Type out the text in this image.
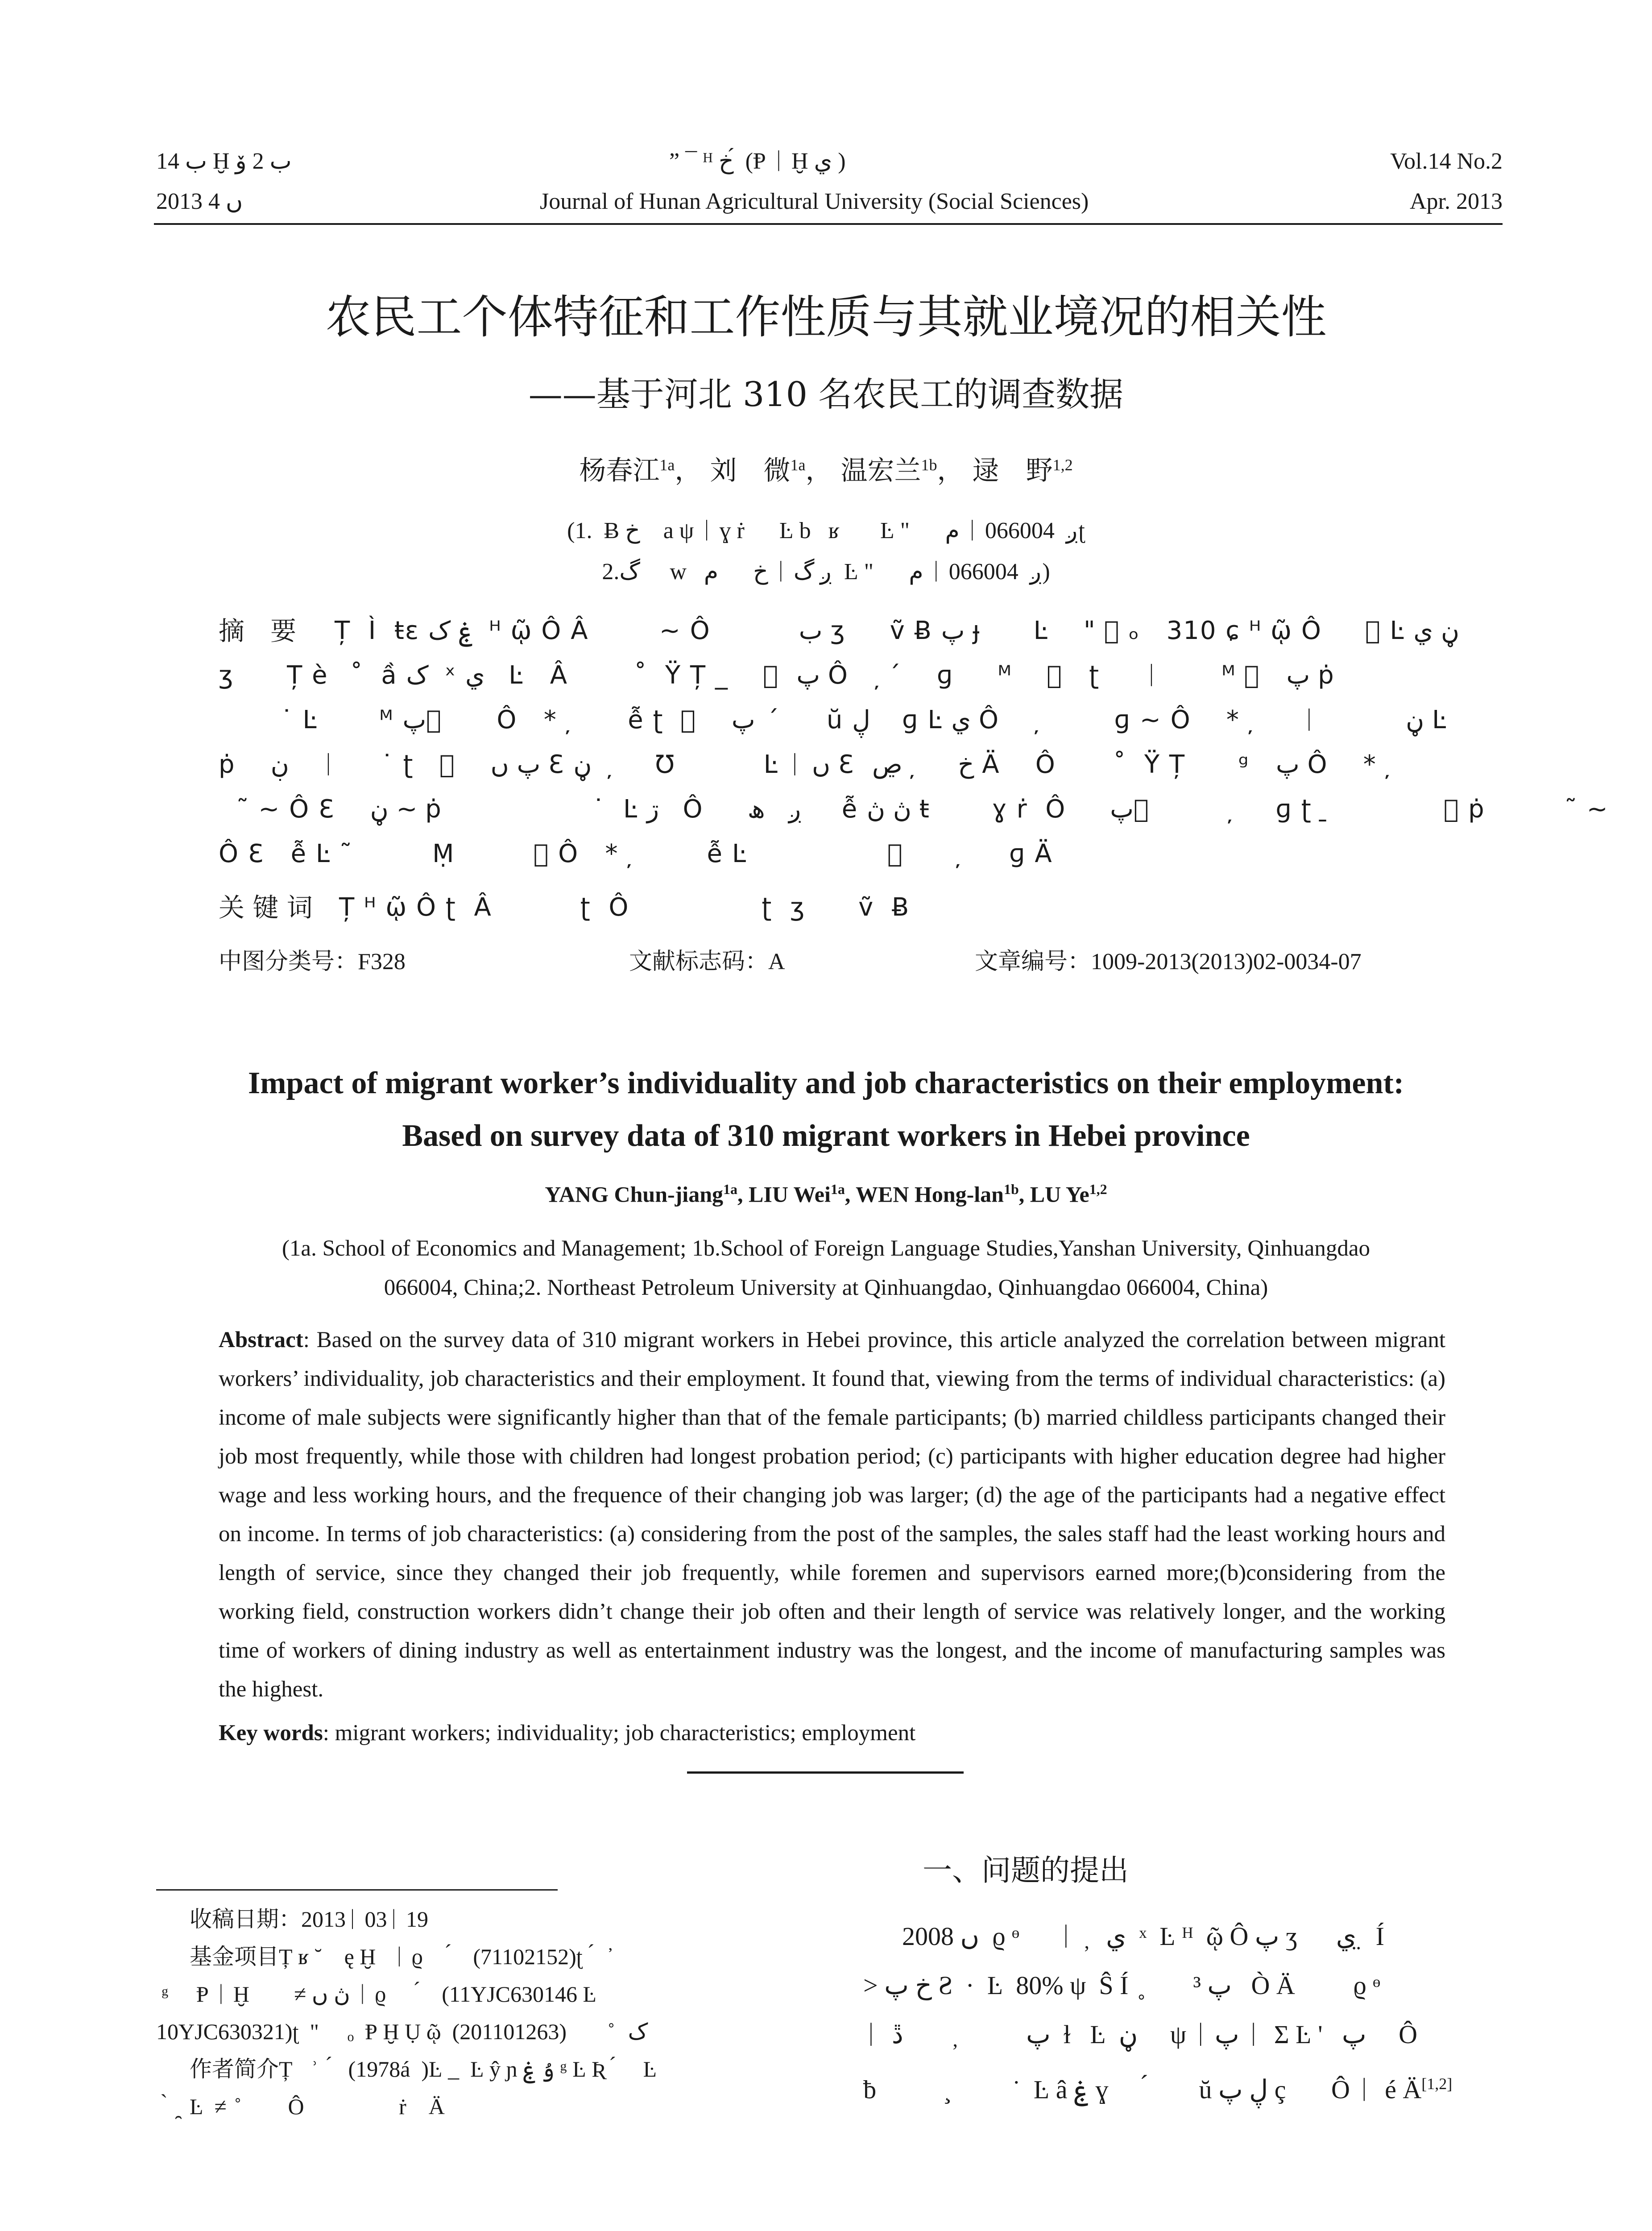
ب 14 Ḫ ب 2 ۆ
2013 ں 4
” ¯ ᴴ خ ́ (Ᵽ ᛁ Ḫ ي )
Journal of Hunan Agricultural University (Social Sciences)
Vol.14 No.2
Apr. 2013
农民工个体特征和工作性质与其就业境况的相关性
——基于河北 310 名农民工的调查数据
杨春江$^{1a}$， 刘　微$^{1a}$， 温宏兰$^{1b}$， 逯　野$^{1,2}$
(1.  Ƀ خ    a ψ ᛁ ɣ ṙ      Ŀ b   ʁ       Ŀ " ⃞  م ᛁ ږ  066004ʈ
2.گ ⃞ w   خ      م ᛁ ږ گ  Ŀ " ⃞  م ᛁ ږ  066004)
摘　要 Ț  Ì  ŧɛ ۼ ک  ᴴ ῷ Ô Â        ~ Ô          ب ʒ     ṽ Ƀ پ ɟ      Ŀ    " ⃞ ₒ   310 ɕ ᴴ ῷ Ô     ⃞ Ŀ ڼ ي
ʒ      Ț è    ̊  ầ ک  ˣ ي   Ŀ   Â         ̊  Ÿ Ț _    ⃞  پ Ô    ̦  ́    ɡ     ᴹ    ⃞   ʈ     ᛁ       ᴹ ⃞   پ ṗ
˙ Ŀ       ᴹ پ ⃞      Ô   *  ̦      ễ ʈ  ⃞    پ    ́     ŭ ڸ    ɡ Ŀ ي Ô     ̦        ɡ ~ Ô    *  ̦     ᛁ          ڼ Ŀ
ṗ    ڹ    ᛁ     ˙ ʈ   ⃞    پ ں Ɛ ڼ    ̦    Ʊ          Ŀ ᛁ ں Ɛ  خ     ̦  ڝ Ä    Ô        ̊  Ÿ Ț      ᵍ   پ Ô    *  ̦
˜ ~ Ô Ɛ    ڼ ~ ṗ                 ˙  Ŀ ڗ   Ô     ږ   ھ     ễ ڽ ڽ ŧ       ɣ ṙ  Ô     پ ⃞           ̦    ɡ ʈ  ̱             ⃞ ṗ         ˜ ~
Ô Ɛ   ễ Ŀ ˜         Ṃ         ⃞ Ô   *  ̦        ễ Ŀ                ⃞       ̦     ɡ Ä
关 键 词 Ț ᴴ ῷ Ô ʈ  Â          ʈ  Ô               ʈ  ʒ      ṽ  Ƀ
中图分类号：F328	文献标志码：A	文章编号：1009-2013(2013)02-0034-07
Impact of migrant worker’s individuality and job characteristics on their employment:
Based on survey data of 310 migrant workers in Hebei province
YANG Chun-jiang$^{1a}$, LIU Wei$^{1a}$, WEN Hong-lan$^{1b}$, LU Ye$^{1,2}$
(1a. School of Economics and Management; 1b.School of Foreign Language Studies,Yanshan University, Qinhuangdao
066004, China;2. Northeast Petroleum University at Qinhuangdao, Qinhuangdao 066004, China)
Abstract: Based on the survey data of 310 migrant workers in Hebei province, this article analyzed the correlation between migrant workers’ individuality, job characteristics and their employment. It found that, viewing from the terms of individual characteristics: (a) income of male subjects were significantly higher than that of the female participants; (b) married childless participants changed their job most frequently, while those with children had longest probation period; (c) participants with higher education degree had higher wage and less working hours, and the frequence of their changing job was larger; (d) the age of the participants had a negative effect on income. In terms of job characteristics: (a) considering from the post of the samples, the sales staff had the least working hours and length of service, since they changed their job frequently, while foremen and supervisors earned more;(b)considering from the working field, construction workers didn’t change their job often and their length of service was relatively longer, and the working time of workers of dining industry as well as entertainment industry was the longest, and the income of manufacturing samples was the highest.
Key words: migrant workers; individuality; job characteristics; employment
收稿日期：2013ᛁ 03ᛁ 19
基金项目Ț ʁ ˘    ę Ḫ   ᛁ ϱ     ́    (71102152)ʈ  ́   ̓
ᵍ     Ᵽ ᛁ Ḫ        ≠ ڽ ں ᛁ ϱ      ́    (11YJC630146 Ŀ
10YJC630321)ʈ  " ⃞ ₒ  Ᵽ Ḫ Ụ ῷ  ک   ̊        (201101263)
作者简介Ț    ͗   ́   (1978á  )Ŀ _  Ŀ ŷ ɲ ۇ ۼ ᵍ Ŀ Ʀ  ́     Ŀ
̀  ̯  Ŀ  ≠  ̊         Ô                 ṙ    Ä
一、问题的提出
2008 ں  ϱ ᶱ      ᛁ  ̦   ي  ˣ  Ŀ ᴴ  ῷ Ô پ ʒ      ي ̤  Í
> خ پ Ƨ  ·  Ŀ  80% ψ  Ŝ Í  ̥        پ ³   Ò Ä         ϱ ᶱ
ᛁ  پ           ̦        ڐ  ɫ   Ŀ  ڼ     ψ ᛁ پ ᛁ  Σ Ŀ '   پ     Ô
ƀ           ̧          ˙  Ŀ â ۼ ɣ      ́        ŭ ڸ پ ç       Ô ᛁ  é Ä[1,2]
